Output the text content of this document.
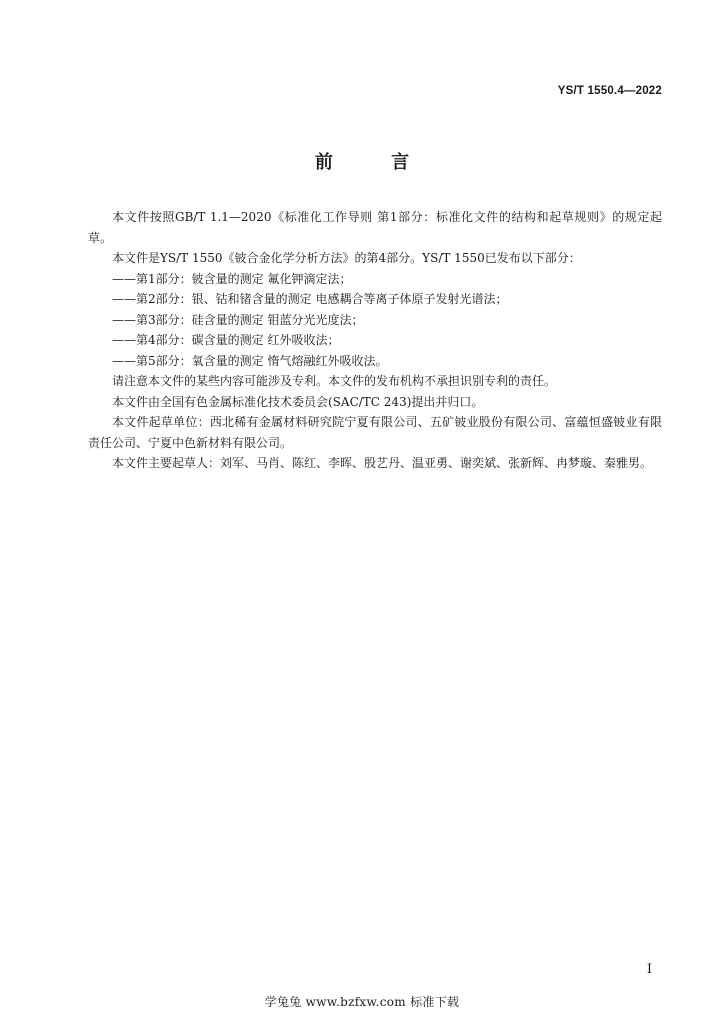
YS/T 1550.4—2022
前 言

本文件按照GB/T 1.1—2020《标准化工作导则 第1部分：标准化文件的结构和起草规则》的规定起草。

本文件是YS/T 1550《铍合金化学分析方法》的第4部分。YS/T 1550已发布以下部分：

——第1部分：铍含量的测定 氟化钾滴定法；

——第2部分：银、钴和锗含量的测定 电感耦合等离子体原子发射光谱法；

——第3部分：硅含量的测定 钼蓝分光光度法；

——第4部分：碳含量的测定 红外吸收法；

——第5部分：氧含量的测定 惰气熔融红外吸收法。

请注意本文件的某些内容可能涉及专利。本文件的发布机构不承担识别专利的责任。

本文件由全国有色金属标准化技术委员会(SAC/TC 243)提出并归口。

本文件起草单位：西北稀有金属材料研究院宁夏有限公司、五矿铍业股份有限公司、富蕴恒盛铍业有限责任公司、宁夏中色新材料有限公司。

本文件主要起草人：刘军、马肖、陈红、李晖、殷艺丹、温亚勇、谢奕斌、张新辉、冉梦璇、秦雅男。

I
学兔兔 www.bzfxw.com 标准下载
